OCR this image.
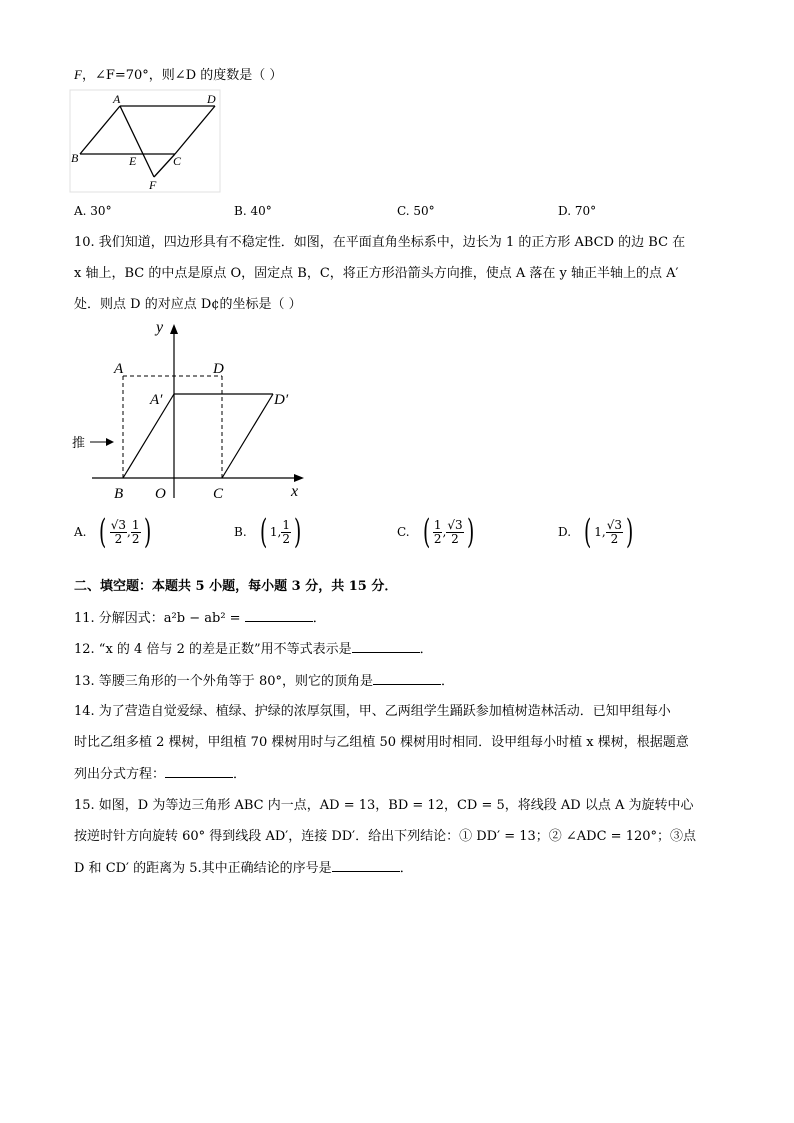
F，∠F=70°，则∠D 的度数是（ ）
A	D
B	E	C
F
A. 30°	B. 40°	C. 50°	D. 70°
10. 我们知道，四边形具有不稳定性．如图，在平面直角坐标系中，边长为 1 的正方形 ABCD 的边 BC 在
x 轴上，BC 的中点是原点 O，固定点 B，C，将正方形沿箭头方向推，使点 A 落在 y 轴正半轴上的点 A′
处．则点 D 的对应点 D¢的坐标是（ ）
推
y
x
A	D
A′	D′
B O	C
A. ( $\frac{√3}{2}$ , $\frac{1}{2}$ )	B. ( 1 , $\frac{1}{2}$ )	C. ( $\frac{1}{2}$ , $\frac{√3}{2}$ )	D. ( 1 , $\frac{√3}{2}$ )
二、填空题：本题共 5 小题，每小题 3 分，共 15 分．
11. 分解因式：a²b − ab² =	．
12. “x 的 4 倍与 2 的差是正数”用不等式表示是	．
13. 等腰三角形的一个外角等于 80°，则它的顶角是	．
14. 为了营造自觉爱绿、植绿、护绿的浓厚氛围，甲、乙两组学生踊跃参加植树造林活动．已知甲组每小
时比乙组多植 2 棵树，甲组植 70 棵树用时与乙组植 50 棵树用时相同．设甲组每小时植 x 棵树，根据题意
列出分式方程：	．
15. 如图，D 为等边三角形 ABC 内一点，AD = 13，BD = 12，CD = 5，将线段 AD 以点 A 为旋转中心
按逆时针方向旋转 60° 得到线段 AD′，连接 DD′．给出下列结论：① DD′ = 13；② ∠ADC = 120°；③点
D 和 CD′ 的距离为 5.其中正确结论的序号是	．
